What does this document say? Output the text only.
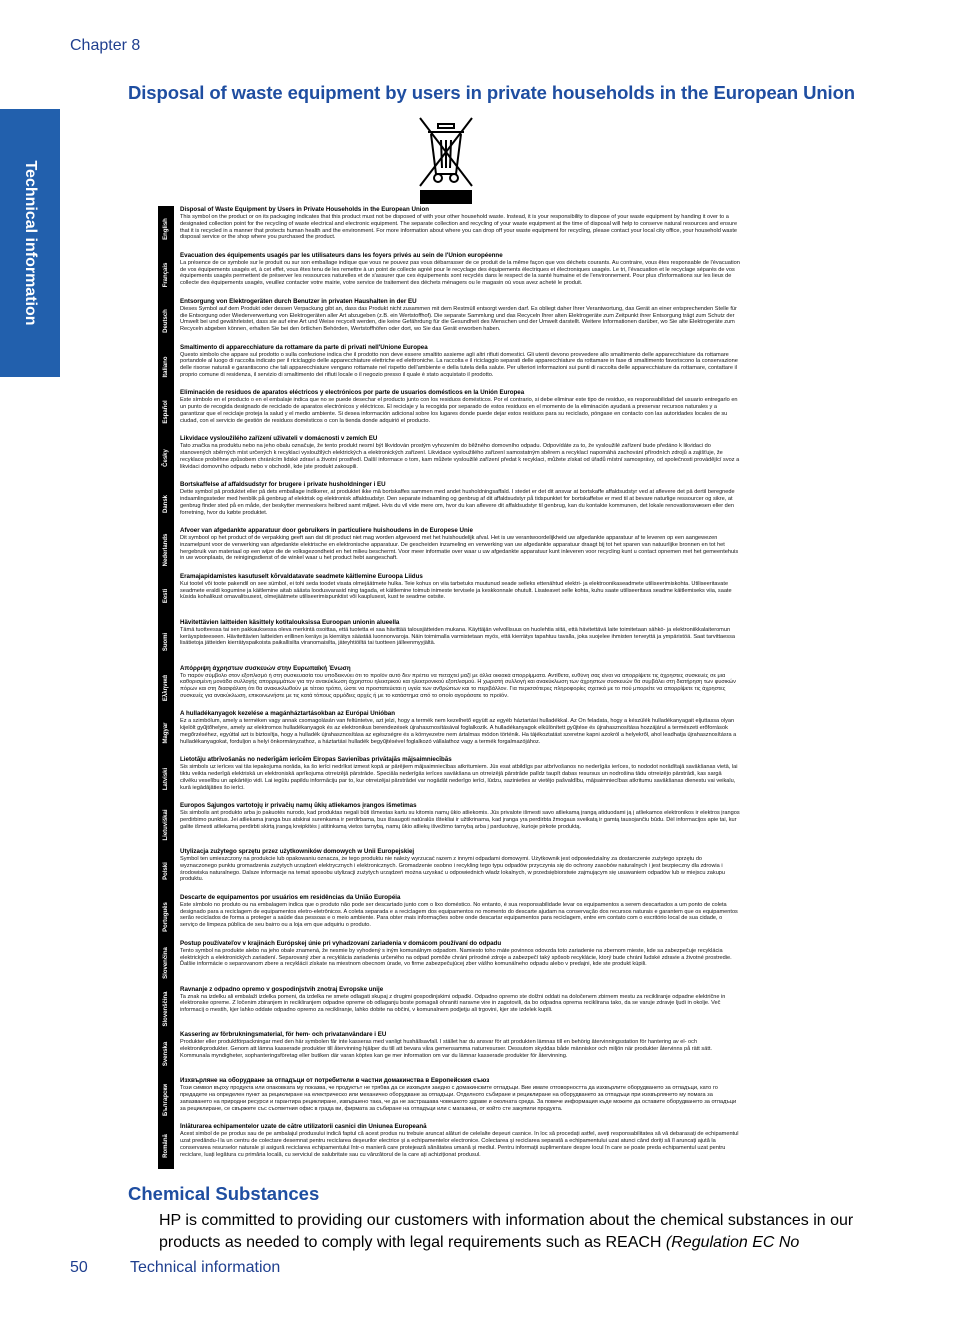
Chapter 8
Disposal of waste equipment by users in private households in the European Union
Technical information	English
Français
Deutsch
Italiano
Español
Česky
Dansk
Nederlands
Eesti
Suomi
Ελληνικά
Magyar
Latviski
Lietuviškai
Polski
Português
Slovenčina
Slovenščina
Svenska
Български
Română
Disposal of Waste Equipment by Users in Private Households in the European Union
This symbol on the product or on its packaging indicates that this product must not be disposed of with your other household waste. Instead, it is your responsibility to dispose of your waste equipment by handing it over to a designated collection point for the recycling of waste electrical and electronic equipment. The separate collection and recycling of your waste equipment at the time of disposal will help to conserve natural resources and ensure that it is recycled in a manner that protects human health and the environment. For more information about where you can drop off your waste equipment for recycling, please contact your local city office, your household waste disposal service or the shop where you purchased the product.
Évacuation des équipements usagés par les utilisateurs dans les foyers privés au sein de l'Union européenne
La présence de ce symbole sur le produit ou sur son emballage indique que vous ne pouvez pas vous débarrasser de ce produit de la même façon que vos déchets courants. Au contraire, vous êtes responsable de l'évacuation de vos équipements usagés et, à cet effet, vous êtes tenu de les remettre à un point de collecte agréé pour le recyclage des équipements électriques et électroniques usagés. Le tri, l'évacuation et le recyclage séparés de vos équipements usagés permettent de préserver les ressources naturelles et de s'assurer que ces équipements sont recyclés dans le respect de la santé humaine et de l'environnement. Pour plus d'informations sur les lieux de collecte des équipements usagés, veuillez contacter votre mairie, votre service de traitement des déchets ménagers ou le magasin où vous avez acheté le produit.
Entsorgung von Elektrogeräten durch Benutzer in privaten Haushalten in der EU
Dieses Symbol auf dem Produkt oder dessen Verpackung gibt an, dass das Produkt nicht zusammen mit dem Restmüll entsorgt werden darf. Es obliegt daher Ihrer Verantwortung, das Gerät an einer entsprechenden Stelle für die Entsorgung oder Wiederverwertung von Elektrogeräten aller Art abzugeben (z.B. ein Wertstoffhof). Die separate Sammlung und das Recyceln Ihrer alten Elektrogeräte zum Zeitpunkt ihrer Entsorgung trägt zum Schutz der Umwelt bei und gewährleistet, dass sie auf eine Art und Weise recycelt werden, die keine Gefährdung für die Gesundheit des Menschen und der Umwelt darstellt. Weitere Informationen darüber, wo Sie alte Elektrogeräte zum Recyceln abgeben können, erhalten Sie bei den örtlichen Behörden, Wertstoffhöfen oder dort, wo Sie das Gerät erworben haben.
Smaltimento di apparecchiature da rottamare da parte di privati nell'Unione Europea
Questo simbolo che appare sul prodotto o sulla confezione indica che il prodotto non deve essere smaltito assieme agli altri rifiuti domestici. Gli utenti devono provvedere allo smaltimento delle apparecchiature da rottamare portandole al luogo di raccolta indicato per il riciclaggio delle apparecchiature elettriche ed elettroniche. La raccolta e il riciclaggio separati delle apparecchiature da rottamare in fase di smaltimento favoriscono la conservazione delle risorse naturali e garantiscono che tali apparecchiature vengano rottamate nel rispetto dell'ambiente e della tutela della salute. Per ulteriori informazioni sui punti di raccolta delle apparecchiature da rottamare, contattare il proprio comune di residenza, il servizio di smaltimento dei rifiuti locale o il negozio presso il quale è stato acquistato il prodotto.
Eliminación de residuos de aparatos eléctricos y electrónicos por parte de usuarios domésticos en la Unión Europea
Este símbolo en el producto o en el embalaje indica que no se puede desechar el producto junto con los residuos domésticos. Por el contrario, si debe eliminar este tipo de residuo, es responsabilidad del usuario entregarlo en un punto de recogida designado de reciclado de aparatos electrónicos y eléctricos. El reciclaje y la recogida por separado de estos residuos en el momento de la eliminación ayudará a preservar recursos naturales y a garantizar que el reciclaje proteja la salud y el medio ambiente. Si desea información adicional sobre los lugares donde puede dejar estos residuos para su reciclado, póngase en contacto con las autoridades locales de su ciudad, con el servicio de gestión de residuos domésticos o con la tienda donde adquirió el producto.
Likvidace vysloužilého zařízení uživateli v domácnosti v zemích EU
Tato značka na produktu nebo na jeho obalu označuje, že tento produkt nesmí být likvidován prostým vyhozením do běžného domovního odpadu. Odpovídáte za to, že vysloužilé zařízení bude předáno k likvidaci do stanovených sběrných míst určených k recyklaci vysloužilých elektrických a elektronických zařízení. Likvidace vysloužilého zařízení samostatným sběrem a recyklací napomáhá zachování přírodních zdrojů a zajišťuje, že recyklace proběhne způsobem chránícím lidské zdraví a životní prostředí. Další informace o tom, kam můžete vysloužilé zařízení předat k recyklaci, můžete získat od úřadů místní samosprávy, od společnosti provádějící svoz a likvidaci domovního odpadu nebo v obchodě, kde jste produkt zakoupili.
Bortskaffelse af affaldsudstyr for brugere i private husholdninger i EU
Dette symbol på produktet eller på dets emballage indikerer, at produktet ikke må bortskaffes sammen med andet husholdningsaffald. I stedet er det dit ansvar at bortskaffe affaldsudstyr ved at aflevere det på dertil beregnede indsamlingssteder med henblik på genbrug af elektrisk og elektronisk affaldsudstyr. Den separate indsamling og genbrug af dit affaldsudstyr på tidspunktet for bortskaffelse er med til at bevare naturlige ressourcer og sikre, at genbrug finder sted på en måde, der beskytter menneskers helbred samt miljøet. Hvis du vil vide mere om, hvor du kan aflevere dit affaldsudstyr til genbrug, kan du kontakte kommunen, det lokale renovationsvæsen eller den forretning, hvor du købte produktet.
Afvoer van afgedankte apparatuur door gebruikers in particuliere huishoudens in de Europese Unie
Dit symbool op het product of de verpakking geeft aan dat dit product niet mag worden afgevoerd met het huishoudelijk afval. Het is uw verantwoordelijkheid uw afgedankte apparatuur af te leveren op een aangewezen inzamelpunt voor de verwerking van afgedankte elektrische en elektronische apparatuur. De gescheiden inzameling en verwerking van uw afgedankte apparatuur draagt bij tot het sparen van natuurlijke bronnen en tot het hergebruik van materiaal op een wijze die de volksgezondheid en het milieu beschermt. Voor meer informatie over waar u uw afgedankte apparatuur kunt inleveren voor recycling kunt u contact opnemen met het gemeentehuis in uw woonplaats, de reinigingsdienst of de winkel waar u het product hebt aangeschaft.
Eramajapidamistes kasutuselt kõrvaldatavate seadmete käitlemine Euroopa Liidus
Kui tootel või toote pakendil on see sümbol, ei tohi seda toodet visata olmejäätmete hulka. Teie kohus on viia tarbetuks muutunud seade selleks ettenähtud elektri- ja elektroonikaseadmete utiliseerimiskohta. Utiliseeritavate seadmete eraldi kogumine ja käitlemine aitab säästa loodusvarasid ning tagada, et käitlemine toimub inimeste tervisele ja keskkonnale ohutult. Lisateavet selle kohta, kuhu saate utiliseeritava seadme käitlemiseks viia, saate küsida kohalikust omavalitsusest, olmejäätmete utiliseerimispunktist või kauplusest, kust te seadme ostsite.
Hävitettävien laitteiden käsittely kotitalouksissa Euroopan unionin alueella
Tämä tuotteessa tai sen pakkauksessa oleva merkintä osoittaa, että tuotetta ei saa hävittää talousjätteiden mukana. Käyttäjän velvollisuus on huolehtia siitä, että hävitettävä laite toimitetaan sähkö- ja elektroniikkalaiteromun keräyspisteeseen. Hävitettävien laitteiden erillinen keräys ja kierrätys säästää luonnonvaroja. Näin toimimalla varmistetaan myös, että kierrätys tapahtuu tavalla, joka suojelee ihmisten terveyttä ja ympäristöä. Saat tarvittaessa lisätietoja jätteiden kierrätyspaikoista paikallisilta viranomaisilta, jäteyhtiöiltä tai tuotteen jälleenmyyjältä.
Απόρριψη άχρηστων συσκευών στην Ευρωπαϊκή Ένωση
Το παρόν σύμβολο στον εξοπλισμό ή στη συσκευασία του υποδεικνύει ότι το προϊόν αυτό δεν πρέπει να πεταχτεί μαζί με άλλα οικιακά απορρίμματα. Αντίθετα, ευθύνη σας είναι να απορρίψετε τις άχρηστες συσκευές σε μια καθορισμένη μονάδα συλλογής απορριμμάτων για την ανακύκλωση άχρηστου ηλεκτρικού και ηλεκτρονικού εξοπλισμού. Η χωριστή συλλογή και ανακύκλωση των άχρηστων συσκευών θα συμβάλει στη διατήρηση των φυσικών πόρων και στη διασφάλιση ότι θα ανακυκλωθούν με τέτοιο τρόπο, ώστε να προστατεύεται η υγεία των ανθρώπων και το περιβάλλον. Για περισσότερες πληροφορίες σχετικά με το πού μπορείτε να απορρίψετε τις άχρηστες συσκευές για ανακύκλωση, επικοινωνήστε με τις κατά τόπους αρμόδιες αρχές ή με το κατάστημα από το οποίο αγοράσατε το προϊόν.
A hulladékanyagok kezelése a magánháztartásokban az Európai Unióban
Ez a szimbólum, amely a terméken vagy annak csomagolásán van feltüntetve, azt jelzi, hogy a termék nem kezelhető együtt az egyéb háztartási hulladékkal. Az Ön feladata, hogy a készülék hulladékanyagait eljuttassa olyan kijelölt gyűjtőhelyre, amely az elektromos hulladékanyagok és az elektronikus berendezések újrahasznosításával foglalkozik. A hulladékanyagok elkülönített gyűjtése és újrahasznosítása hozzájárul a természeti erőforrások megőrzéséhez, egyúttal azt is biztosítja, hogy a hulladék újrahasznosítása az egészségre és a környezetre nem ártalmas módon történik. Ha tájékoztatást szeretne kapni azokról a helyekről, ahol leadhatja újrahasznosításra a hulladékanyagokat, forduljon a helyi önkormányzathoz, a háztartási hulladék begyűjtésével foglalkozó vállalathoz vagy a termék forgalmazójához.
Lietotāju atbrīvošanās no nederīgām ierīcēm Eiropas Savienības privātajās mājsaimniecībās
Šis simbols uz ierīces vai tās iepakojuma norāda, ka šo ierīci nedrīkst izmest kopā ar pārējiem mājsaimniecības atkritumiem. Jūs esat atbildīgs par atbrīvošanos no nederīgās ierīces, to nododot norādītajā savākšanas vietā, lai tiktu veikta nederīgā elektriskā un elektroniskā aprīkojuma otrreizējā pārstrāde. Speciāla nederīgās ierīces savākšana un otrreizējā pārstrāde palīdz taupīt dabas resursus un nodrošina tādu otrreizējo pārstrādi, kas sargā cilvēku veselību un apkārtējo vidi. Lai iegūtu papildu informāciju par to, kur otrreizējai pārstrādei var nogādāt nederīgo ierīci, lūdzu, sazinieties ar vietējo pašvaldību, mājsaimniecības atkritumu savākšanas dienestu vai veikalu, kurā iegādājāties šo ierīci.
Europos Sąjungos vartotojų ir privačių namų ūkių atliekamos įrangos išmetimas
Šis simbolis ant produkto arba jo pakuotės nurodo, kad produktas negali būti išmestas kartu su kitomis namų ūkio atliekomis. Jūs privalote išmesti savo atliekamą įrangą atiduodami ją į atliekamos elektronikos ir elektros įrangos perdirbimo punktus. Jei atliekama įranga bus atskirai surenkama ir perdirbama, bus išsaugoti natūralūs ištekliai ir užtikrinama, kad įranga yra perdirbta žmogaus sveikatą ir gamtą tausojančiu būdu. Dėl informacijos apie tai, kur galite išmesti atliekamą perdirbti skirtą įrangą kreipkitės į atitinkamą vietos tarnybą, namų ūkio atliekų išvežimo tarnybą arba į parduotuvę, kurioje pirkote produktą.
Utylizacja zużytego sprzętu przez użytkowników domowych w Unii Europejskiej
Symbol ten umieszczony na produkcie lub opakowaniu oznacza, że tego produktu nie należy wyrzucać razem z innymi odpadami domowymi. Użytkownik jest odpowiedzialny za dostarczenie zużytego sprzętu do wyznaczonego punktu gromadzenia zużytych urządzeń elektrycznych i elektronicznych. Gromadzenie osobno i recykling tego typu odpadów przyczynia się do ochrony zasobów naturalnych i jest bezpieczny dla zdrowia i środowiska naturalnego. Dalsze informacje na temat sposobu utylizacji zużytych urządzeń można uzyskać u odpowiednich władz lokalnych, w przedsiębiorstwie zajmującym się usuwaniem odpadów lub w miejscu zakupu produktu.
Descarte de equipamentos por usuários em residências da União Européia
Este símbolo no produto ou na embalagem indica que o produto não pode ser descartado junto com o lixo doméstico. No entanto, é sua responsabilidade levar os equipamentos a serem descartados a um ponto de coleta designado para a reciclagem de equipamentos eletro-eletrônicos. A coleta separada e a reciclagem dos equipamentos no momento do descarte ajudam na conservação dos recursos naturais e garantem que os equipamentos serão reciclados de forma a proteger a saúde das pessoas e o meio ambiente. Para obter mais informações sobre onde descartar equipamentos para reciclagem, entre em contato com o escritório local de sua cidade, o serviço de limpeza pública de seu bairro ou a loja em que adquiriu o produto.
Postup používateľov v krajinách Európskej únie pri vyhadzovaní zariadenia v domácom používaní do odpadu
Tento symbol na produkte alebo na jeho obale znamená, že nesmie by vyhodený s iným komunálnym odpadom. Namiesto toho máte povinnos odovzda toto zariadenie na zbernom mieste, kde sa zabezpečuje recyklácia elektrických a elektronických zariadení. Separovaný zber a recyklácia zariadenia určeného na odpad pomôže chráni prírodné zdroje a zabezpečí taký spôsob recyklácie, ktorý bude chráni ľudské zdravie a životné prostredie. Ďalšie informácie o separovanom zbere a recyklácii získate na miestnom obecnom úrade, vo firme zabezpečujúcej zber vášho komunálneho odpadu alebo v predajni, kde ste produkt kúpili.
Ravnanje z odpadno opremo v gospodinjstvih znotraj Evropske unije
Ta znak na izdelku ali embalaži izdelka pomeni, da izdelka ne smete odlagati skupaj z drugimi gospodinjskimi odpadki. Odpadno opremo ste dolžni oddati na določenem zbirnem mestu za recikliranje odpadne električne in elektronske opreme. Z ločenim zbiranjem in recikliranjem odpadne opreme ob odlaganju boste pomagali ohraniti naravne vire in zagotovili, da bo odpadna oprema reciklirana tako, da se varuje zdravje ljudi in okolje. Več informacij o mestih, kjer lahko oddate odpadno opremo za recikliranje, lahko dobite na občini, v komunalnem podjetju ali trgovini, kjer ste izdelek kupili.
Kassering av förbrukningsmaterial, för hem- och privatanvändare i EU
Produkter eller produktförpackningar med den här symbolen får inte kasseras med vanligt hushållsavfall. I stället har du ansvar för att produkten lämnas till en behörig återvinningsstation för hantering av el- och elektronikprodukter. Genom att lämna kasserade produkter till återvinning hjälper du till att bevara våra gemensamma naturresurser. Dessutom skyddas både människor och miljön när produkter återvinns på rätt sätt. Kommunala myndigheter, sophanteringsföretag eller butiken där varan köptes kan ge mer information om var du lämnar kasserade produkter för återvinning.
Изхвърляне на оборудване за отпадъци от потребители в частни домакинства в Европейския съюз
Този символ върху продукта или опаковката му показва, че продуктът не трябва да се изхвърля заедно с домакинските отпадъци. Вие имате отговорността да изхвърлите оборудването за отпадъци, като го предадете на определен пункт за рециклиране на електрическо или механично оборудване за отпадъци. Отделното събиране и рециклиране на оборудването за отпадъци при изхвърлянето му помага за запазването на природни ресурси и гарантира рециклиране, извършено така, че да не застрашава човешкото здраве и околната среда. За повече информация къде можете да оставите оборудването за отпадъци за рециклиране, се свържете със съответния офис в града ви, фирмата за събиране на отпадъци или с магазина, от който сте закупили продукта.
Înlăturarea echipamentelor uzate de către utilizatorii casnici din Uniunea Europeană
Acest simbol de pe produs sau de pe ambalajul produsului indică faptul că acest produs nu trebuie aruncat alături de celelalte deșeuri casnice. În loc să procedați astfel, aveți responsabilitatea să vă debarasați de echipamentul uzat predându-l la un centru de colectare desemnat pentru reciclarea deșeurilor electrice și a echipamentelor electronice. Colectarea și reciclarea separată a echipamentului uzat atunci când doriți să îl aruncați ajută la conservarea resurselor naturale și asigură reciclarea echipamentului într-o manieră care protejează sănătatea umană și mediul. Pentru informații suplimentare despre locul în care se poate preda echipamentul uzat pentru reciclare, luați legătura cu primăria locală, cu serviciul de salubritate sau cu vânzătorul de la care ați achiziționat produsul.
Chemical Substances

HP is committed to providing our customers with information about the chemical substances in our products as needed to comply with legal requirements such as REACH (Regulation EC No

50	Technical information
